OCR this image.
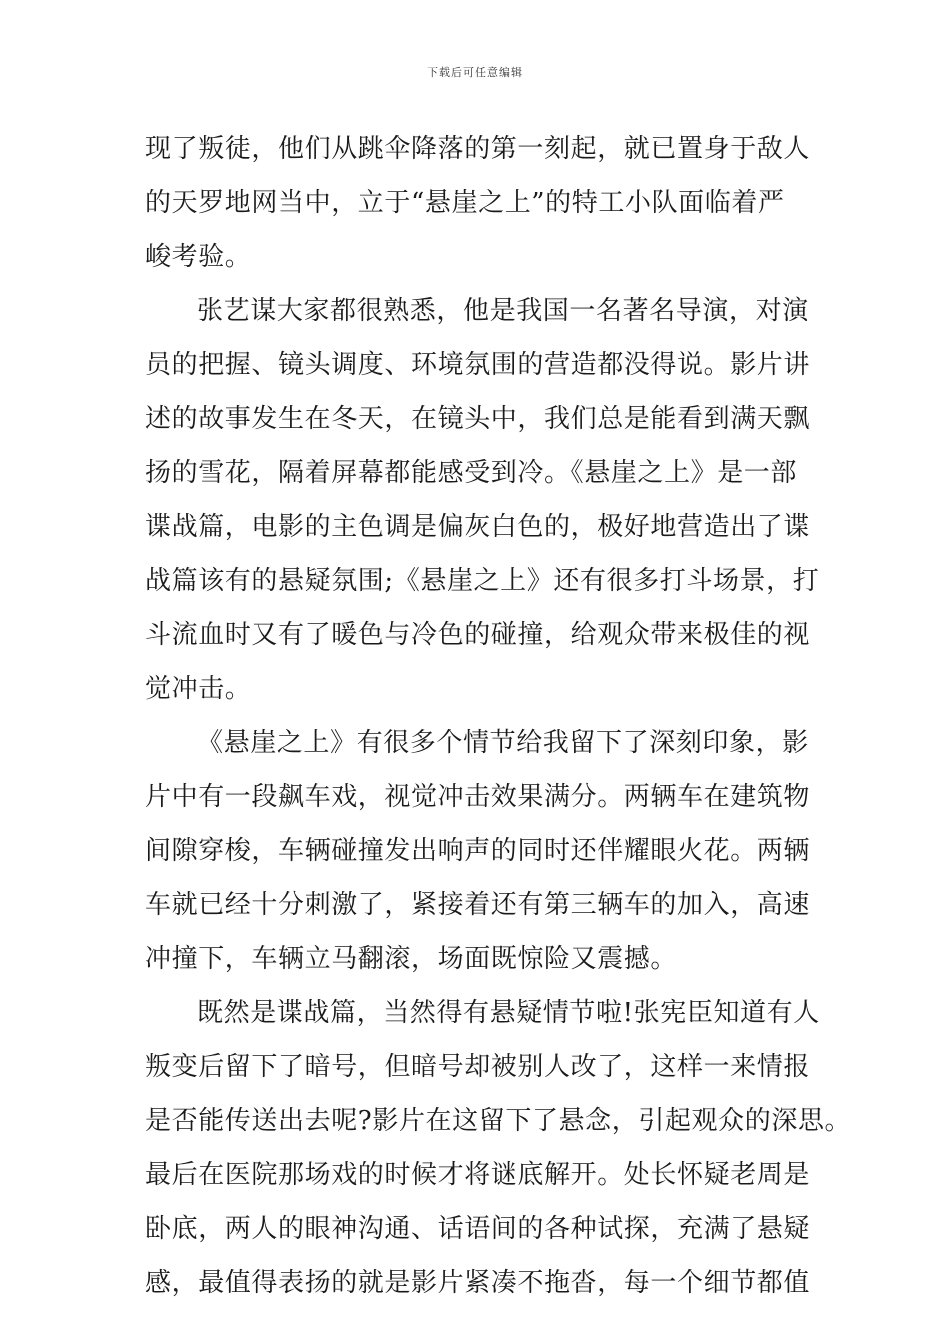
下载后可任意编辑
现了叛徒，他们从跳伞降落的第一刻起，就已置身于敌人
的天罗地网当中，立于“悬崖之上”的特工小队面临着严
峻考验。
张艺谋大家都很熟悉，他是我国一名著名导演，对演
员的把握、镜头调度、环境氛围的营造都没得说。影片讲
述的故事发生在冬天，在镜头中，我们总是能看到满天飘
扬的雪花，隔着屏幕都能感受到冷。《悬崖之上》是一部
谍战篇，电影的主色调是偏灰白色的，极好地营造出了谍
战篇该有的悬疑氛围;《悬崖之上》还有很多打斗场景，打
斗流血时又有了暖色与冷色的碰撞，给观众带来极佳的视
觉冲击。
《悬崖之上》有很多个情节给我留下了深刻印象，影
片中有一段飙车戏，视觉冲击效果满分。两辆车在建筑物
间隙穿梭，车辆碰撞发出响声的同时还伴耀眼火花。两辆
车就已经十分刺激了，紧接着还有第三辆车的加入，高速
冲撞下，车辆立马翻滚，场面既惊险又震撼。
既然是谍战篇，当然得有悬疑情节啦!张宪臣知道有人
叛变后留下了暗号，但暗号却被别人改了，这样一来情报
是否能传送出去呢?影片在这留下了悬念，引起观众的深思。
最后在医院那场戏的时候才将谜底解开。处长怀疑老周是
卧底，两人的眼神沟通、话语间的各种试探，充满了悬疑
感，最值得表扬的就是影片紧凑不拖沓，每一个细节都值
